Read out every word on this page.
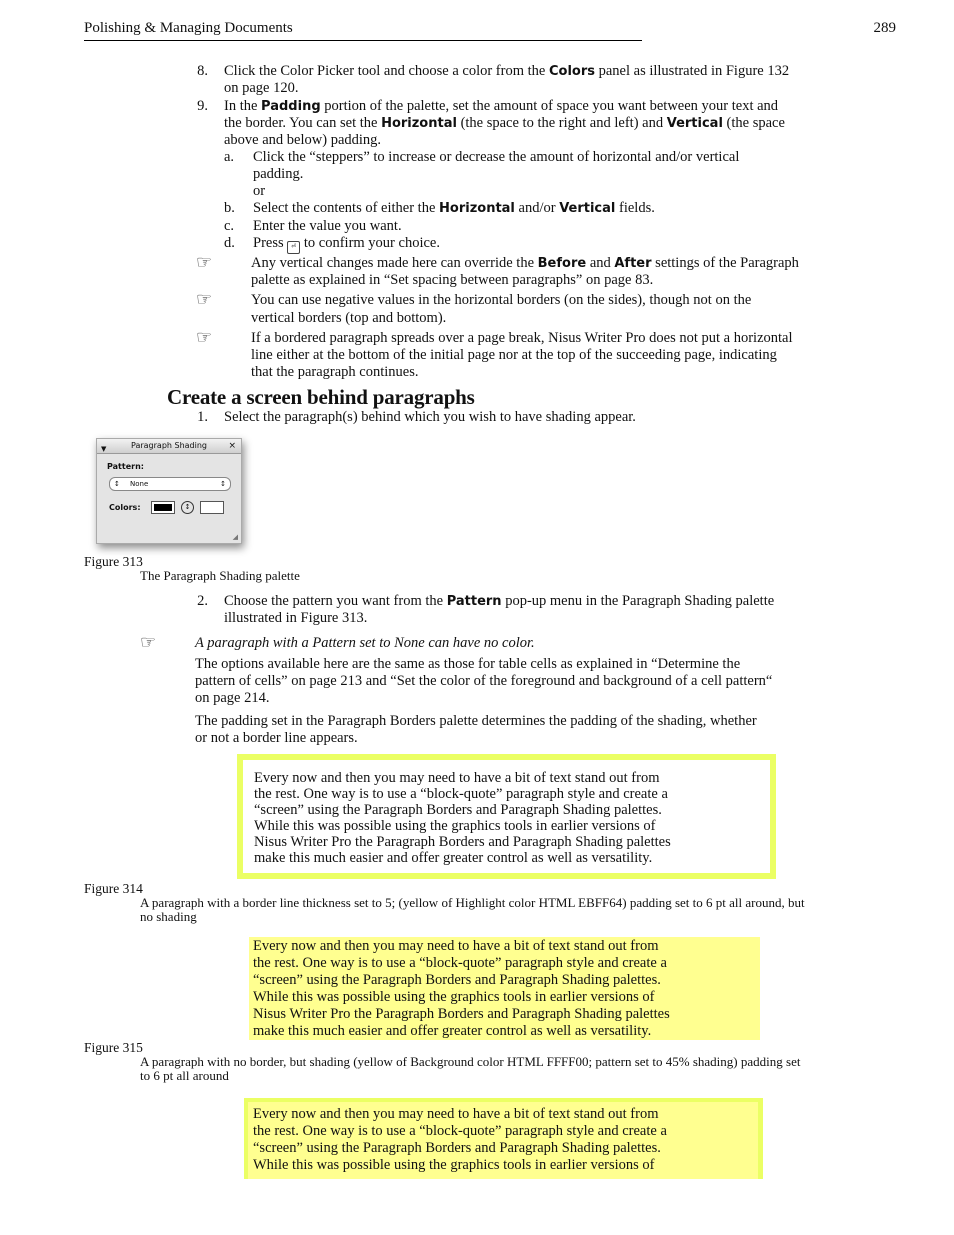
Polishing & Managing Documents	289
8. Click the Color Picker tool and choose a color from the Colors panel as illustrated in Figure 132
on page 120.
9. In the Padding portion of the palette, set the amount of space you want between your text and
the border. You can set the Horizontal (the space to the right and left) and Vertical (the space
above and below) padding.
a. Click the “steppers” to increase or decrease the amount of horizontal and/or vertical
padding.
or
b. Select the contents of either the Horizontal and/or Vertical fields.
c. Enter the value you want.
d. Press ⏎ to confirm your choice.
☞	Any vertical changes made here can override the Before and After settings of the Paragraph
palette as explained in “Set spacing between paragraphs” on page 83.
☞	You can use negative values in the horizontal borders (on the sides), though not on the
vertical borders (top and bottom).
☞	If a bordered paragraph spreads over a page break, Nisus Writer Pro does not put a horizontal
line either at the bottom of the initial page nor at the top of the succeeding page, indicating
that the paragraph continues.
Create a screen behind paragraphs
1. Select the paragraph(s) behind which you wish to have shading appear.
▼	Paragraph Shading ×
Pattern:
↕ None	↕
Colors:	↕
◢
Figure 313
The Paragraph Shading palette
2. Choose the pattern you want from the Pattern pop-up menu in the Paragraph Shading palette
illustrated in Figure 313.
☞	A paragraph with a Pattern set to None can have no color.
The options available here are the same as those for table cells as explained in “Determine the
pattern of cells” on page 213 and “Set the color of the foreground and background of a cell pattern“
on page 214.
The padding set in the Paragraph Borders palette determines the padding of the shading, whether
or not a border line appears.
Every now and then you may need to have a bit of text stand out from
the rest. One way is to use a “block-quote” paragraph style and create a
“screen” using the Paragraph Borders and Paragraph Shading palettes.
While this was possible using the graphics tools in earlier versions of
Nisus Writer Pro the Paragraph Borders and Paragraph Shading palettes
make this much easier and offer greater control as well as versatility.
Figure 314
A paragraph with a border line thickness set to 5; (yellow of Highlight color HTML EBFF64) padding set to 6 pt all around, but
no shading
Every now and then you may need to have a bit of text stand out from
the rest. One way is to use a “block-quote” paragraph style and create a
“screen” using the Paragraph Borders and Paragraph Shading palettes.
While this was possible using the graphics tools in earlier versions of
Nisus Writer Pro the Paragraph Borders and Paragraph Shading palettes
make this much easier and offer greater control as well as versatility.
Figure 315
A paragraph with no border, but shading (yellow of Background color HTML FFFF00; pattern set to 45% shading) padding set
to 6 pt all around
Every now and then you may need to have a bit of text stand out from
the rest. One way is to use a “block-quote” paragraph style and create a
“screen” using the Paragraph Borders and Paragraph Shading palettes.
While this was possible using the graphics tools in earlier versions of
